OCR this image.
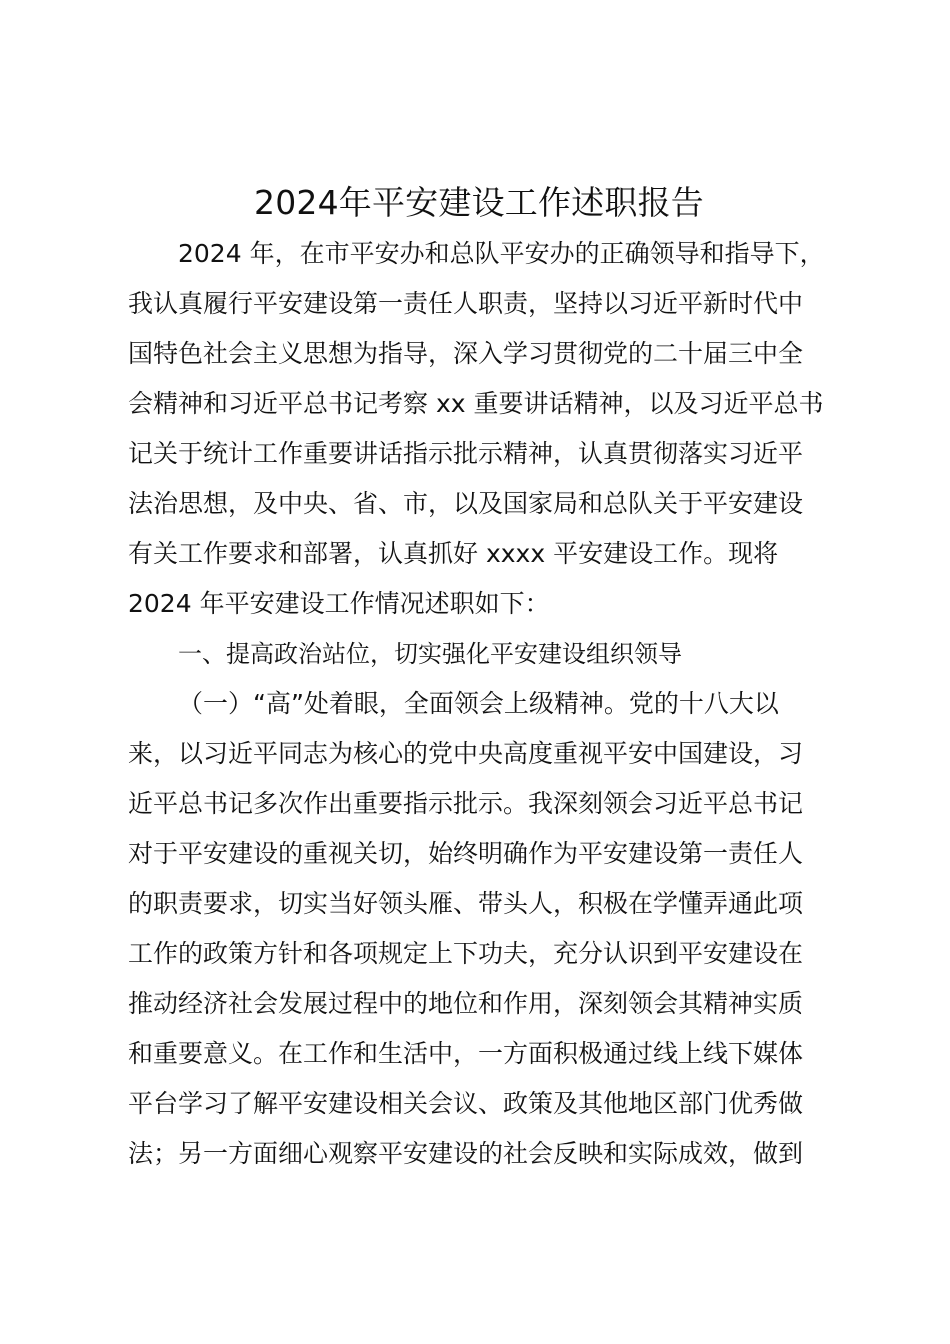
2024年平安建设工作述职报告

2024 年，在市平安办和总队平安办的正确领导和指导下，

我认真履行平安建设第一责任人职责，坚持以习近平新时代中

国特色社会主义思想为指导，深入学习贯彻党的二十届三中全

会精神和习近平总书记考察 xx 重要讲话精神，以及习近平总书

记关于统计工作重要讲话指示批示精神，认真贯彻落实习近平

法治思想，及中央、省、市，以及国家局和总队关于平安建设

有关工作要求和部署，认真抓好 xxxx 平安建设工作。现将

2024 年平安建设工作情况述职如下：

一、提高政治站位，切实强化平安建设组织领导

（一）“高”处着眼，全面领会上级精神。党的十八大以

来，以习近平同志为核心的党中央高度重视平安中国建设，习

近平总书记多次作出重要指示批示。我深刻领会习近平总书记

对于平安建设的重视关切，始终明确作为平安建设第一责任人

的职责要求，切实当好领头雁、带头人，积极在学懂弄通此项

工作的政策方针和各项规定上下功夫，充分认识到平安建设在

推动经济社会发展过程中的地位和作用，深刻领会其精神实质

和重要意义。在工作和生活中，一方面积极通过线上线下媒体

平台学习了解平安建设相关会议、政策及其他地区部门优秀做

法；另一方面细心观察平安建设的社会反映和实际成效，做到
